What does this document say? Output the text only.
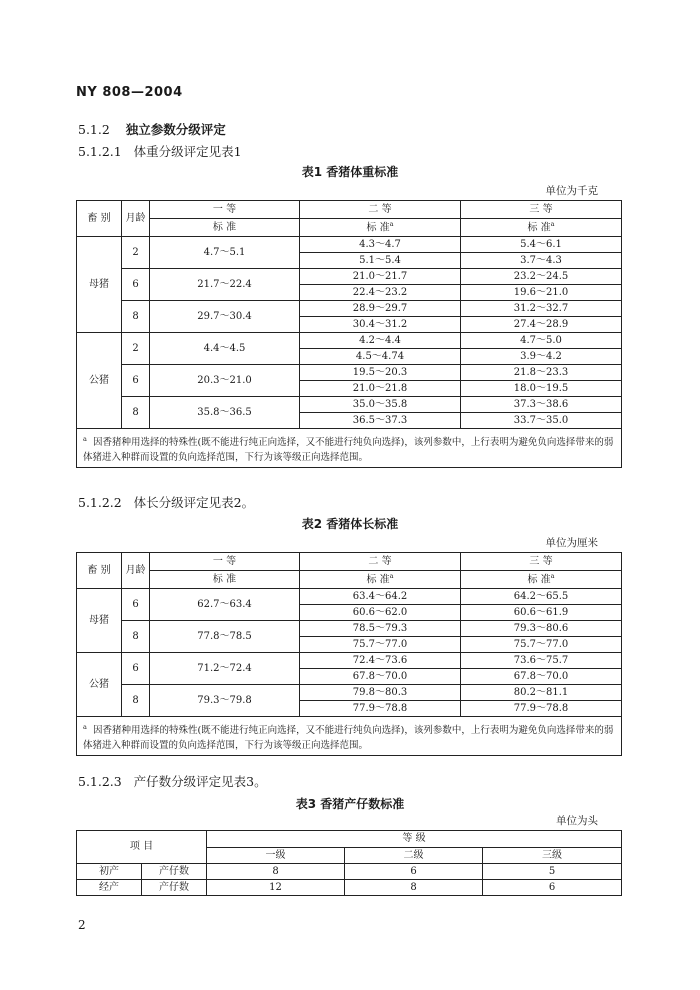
NY 808—2004
5.1.2 独立参数分级评定
5.1.2.1 体重分级评定见表1
表1 香猪体重标准
单位为千克
畜 别	月龄	一 等	二 等	三 等
		标 准	标 准$^a$	标 准$^a$
母猪	2	4.7～5.1	4.3～4.7	5.4～6.1
			5.1～5.4	3.7～4.3
	6	21.7～22.4	21.0～21.7	23.2～24.5
			22.4～23.2	19.6～21.0
	8	29.7～30.4	28.9～29.7	31.2～32.7
			30.4～31.2	27.4～28.9
公猪	2	4.4～4.5	4.2～4.4	4.7～5.0
			4.5～4.74	3.9～4.2
	6	20.3～21.0	19.5～20.3	21.8～23.3
			21.0～21.8	18.0～19.5
	8	35.8～36.5	35.0～35.8	37.3～38.6
			36.5～37.3	33.7～35.0
$^a$ 因香猪种用选择的特殊性(既不能进行纯正向选择，又不能进行纯负向选择)，该列参数中，上行表明为避免负向选择带来的弱体猪进入种群而设置的负向选择范围，下行为该等级正向选择范围。				
5.1.2.2 体长分级评定见表2。
表2 香猪体长标准
单位为厘米
畜 别	月龄	一 等	二 等	三 等
		标 准	标 准$^a$	标 准$^a$
母猪	6	62.7～63.4	63.4～64.2	64.2～65.5
			60.6～62.0	60.6～61.9
	8	77.8～78.5	78.5～79.3	79.3～80.6
			75.7～77.0	75.7～77.0
公猪	6	71.2～72.4	72.4～73.6	73.6～75.7
			67.8～70.0	67.8～70.0
	8	79.3～79.8	79.8～80.3	80.2～81.1
			77.9～78.8	77.9～78.8
$^a$ 因香猪种用选择的特殊性(既不能进行纯正向选择，又不能进行纯负向选择)，该列参数中，上行表明为避免负向选择带来的弱体猪进入种群而设置的负向选择范围，下行为该等级正向选择范围。				
5.1.2.3 产仔数分级评定见表3。
表3 香猪产仔数标准
单位为头
项 目		等 级		
		一级	二级	三级
初产	产仔数	8	6	5
经产	产仔数	12	8	6
2
